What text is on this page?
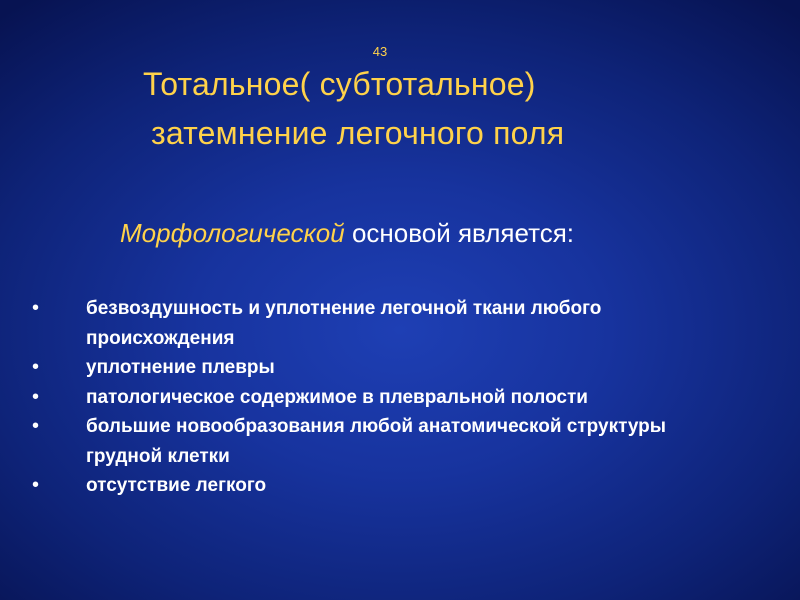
43
Тотальное( субтотальное)
затемнение легочного поля
Морфологической основой является:
• безвоздушность и уплотнение легочной ткани любого происхождения
• уплотнение плевры
• патологическое содержимое в плевральной полости
• большие новообразования любой анатомической структуры грудной клетки
• отсутствие легкого
